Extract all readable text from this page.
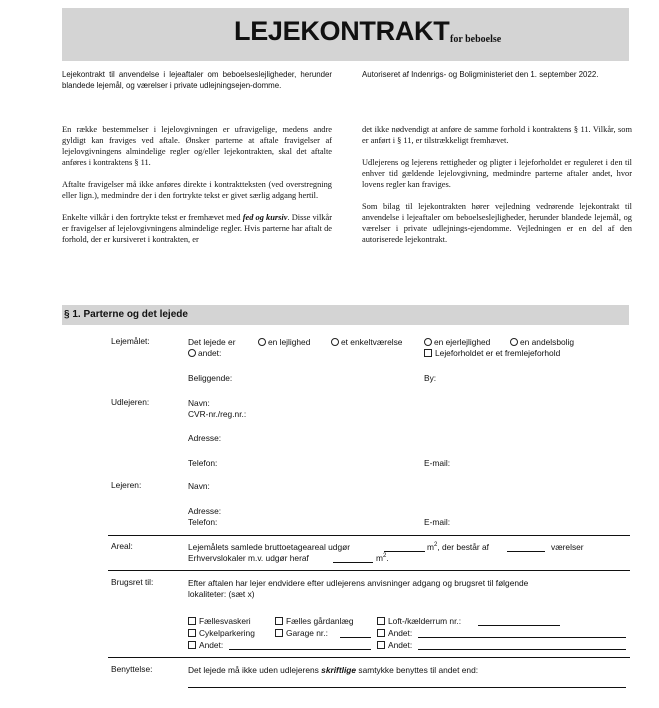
LEJEKONTRAKT for beboelse
Lejekontrakt til anvendelse i lejeaftaler om beboelseslejligheder, herunder blandede lejemål, og værelser i private udlejningsejen-domme.
Autoriseret af Indenrigs- og Boligministeriet den 1. september 2022.

En række bestemmelser i lejelovgivningen er ufravigelige, medens andre gyldigt kan fraviges ved aftale. Ønsker parterne at aftale fravigelser af lejelovgivningens almindelige regler og/eller lejekontrakten, skal det aftalte anføres i kontraktens § 11.

Aftalte fravigelser må ikke anføres direkte i kontraktteksten (ved overstregning eller lign.), medmindre der i den fortrykte tekst er givet særlig adgang hertil.

Enkelte vilkår i den fortrykte tekst er fremhævet med fed og kursiv. Disse vilkår er fravigelser af lejelovgivningens almindelige regler. Hvis parterne har aftalt de forhold, der er kursiveret i kontrakten, er

det ikke nødvendigt at anføre de samme forhold i kontraktens § 11. Vilkår, som er anført i § 11, er tilstrækkeligt fremhævet.

Udlejerens og lejerens rettigheder og pligter i lejeforholdet er reguleret i den til enhver tid gældende lejelovgivning, medmindre parterne aftaler andet, hvor lovens regler kan fraviges.

Som bilag til lejekontrakten hører vejledning vedrørende lejekontrakt til anvendelse i lejeaftaler om beboelseslejligheder, herunder blandede lejemål, og værelser i private udlejnings-ejendomme. Vejledningen er en del af den autoriserede lejekontrakt.

§ 1. Parterne og det lejede
Lejemålet:	Det lejede er	en lejlighed	et enkeltværelse	en ejerlejlighed	en andelsbolig
andet:	Lejeforholdet er et fremlejeforhold
Beliggende:	By:
Udlejeren:	Navn:
CVR-nr./reg.nr.:
Adresse:
Telefon:	E-mail:
Lejeren:	Navn:
Adresse:
Telefon:	E-mail:
Areal:	Lejemålets samlede bruttoetageareal udgør	$m^2$, der består af	værelser
Erhvervslokaler m.v. udgør heraf	$m^2$.
Brugsret til:	Efter aftalen har lejer endvidere efter udlejerens anvisninger adgang og brugsret til følgende
lokaliteter: (sæt x)
Fællesvaskeri	Fælles gårdanlæg	Loft-/kælderrum nr.:
Cykelparkering	Garage nr.:	Andet:
Andet:	Andet:
Benyttelse:	Det lejede må ikke uden udlejerens skriftlige samtykke benyttes til andet end:
